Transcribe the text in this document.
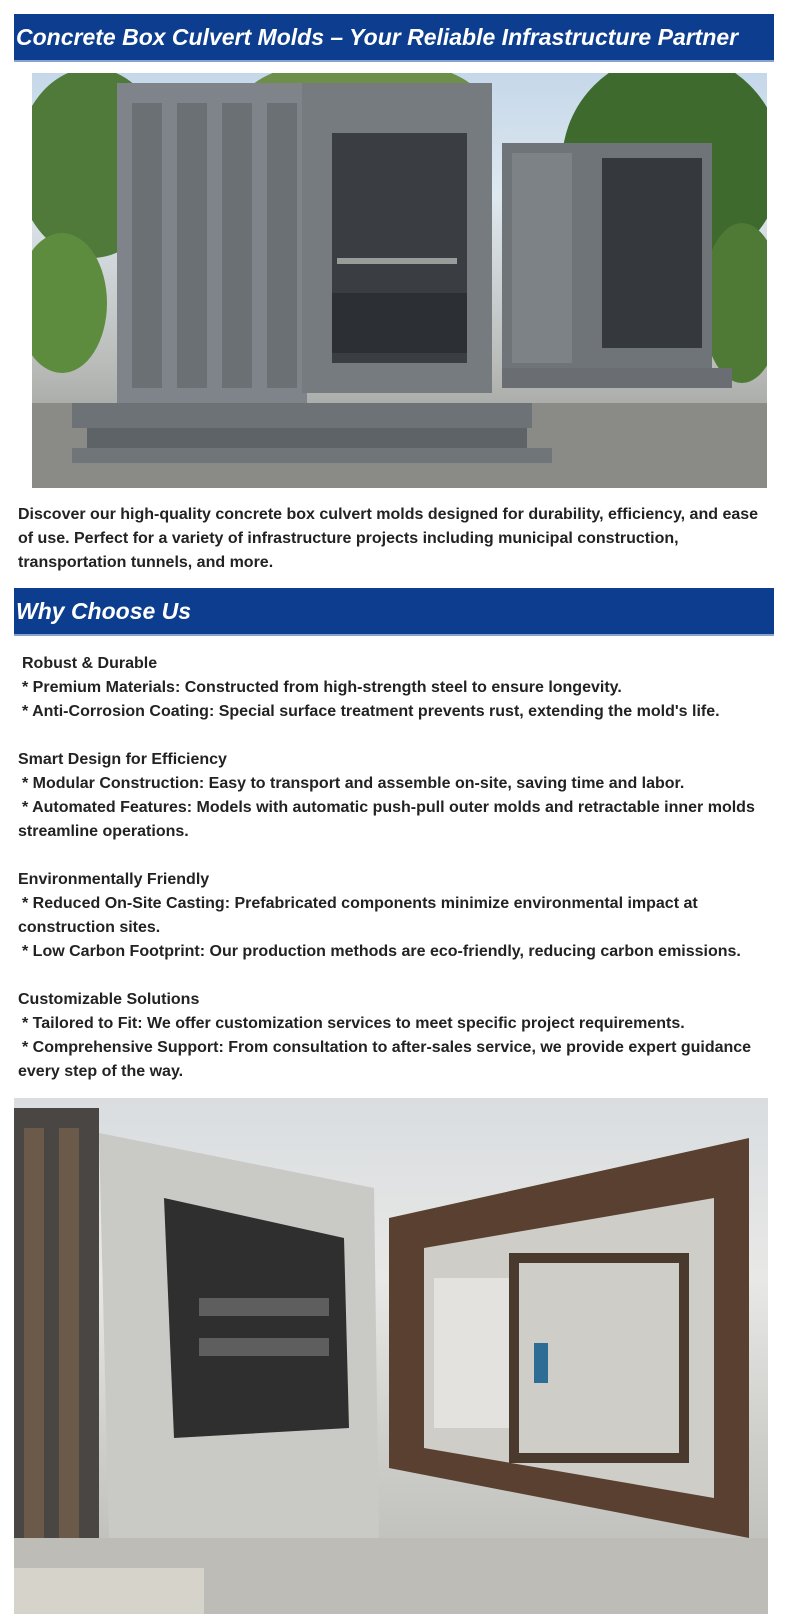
Concrete Box Culvert Molds – Your Reliable Infrastructure Partner
Discover our high-quality concrete box culvert molds designed for durability, efficiency, and ease of use. Perfect for a variety of infrastructure projects including municipal construction, transportation tunnels, and more.
Why Choose Us
Robust & Durable
* Premium Materials: Constructed from high-strength steel to ensure longevity.
* Anti-Corrosion Coating: Special surface treatment prevents rust, extending the mold's life.
Smart Design for Efficiency
* Modular Construction: Easy to transport and assemble on-site, saving time and labor.
* Automated Features: Models with automatic push-pull outer molds and retractable inner molds streamline operations.
Environmentally Friendly
* Reduced On-Site Casting: Prefabricated components minimize environmental impact at construction sites.
* Low Carbon Footprint: Our production methods are eco-friendly, reducing carbon emissions.
Customizable Solutions
* Tailored to Fit: We offer customization services to meet specific project requirements.
* Comprehensive Support: From consultation to after-sales service, we provide expert guidance every step of the way.
